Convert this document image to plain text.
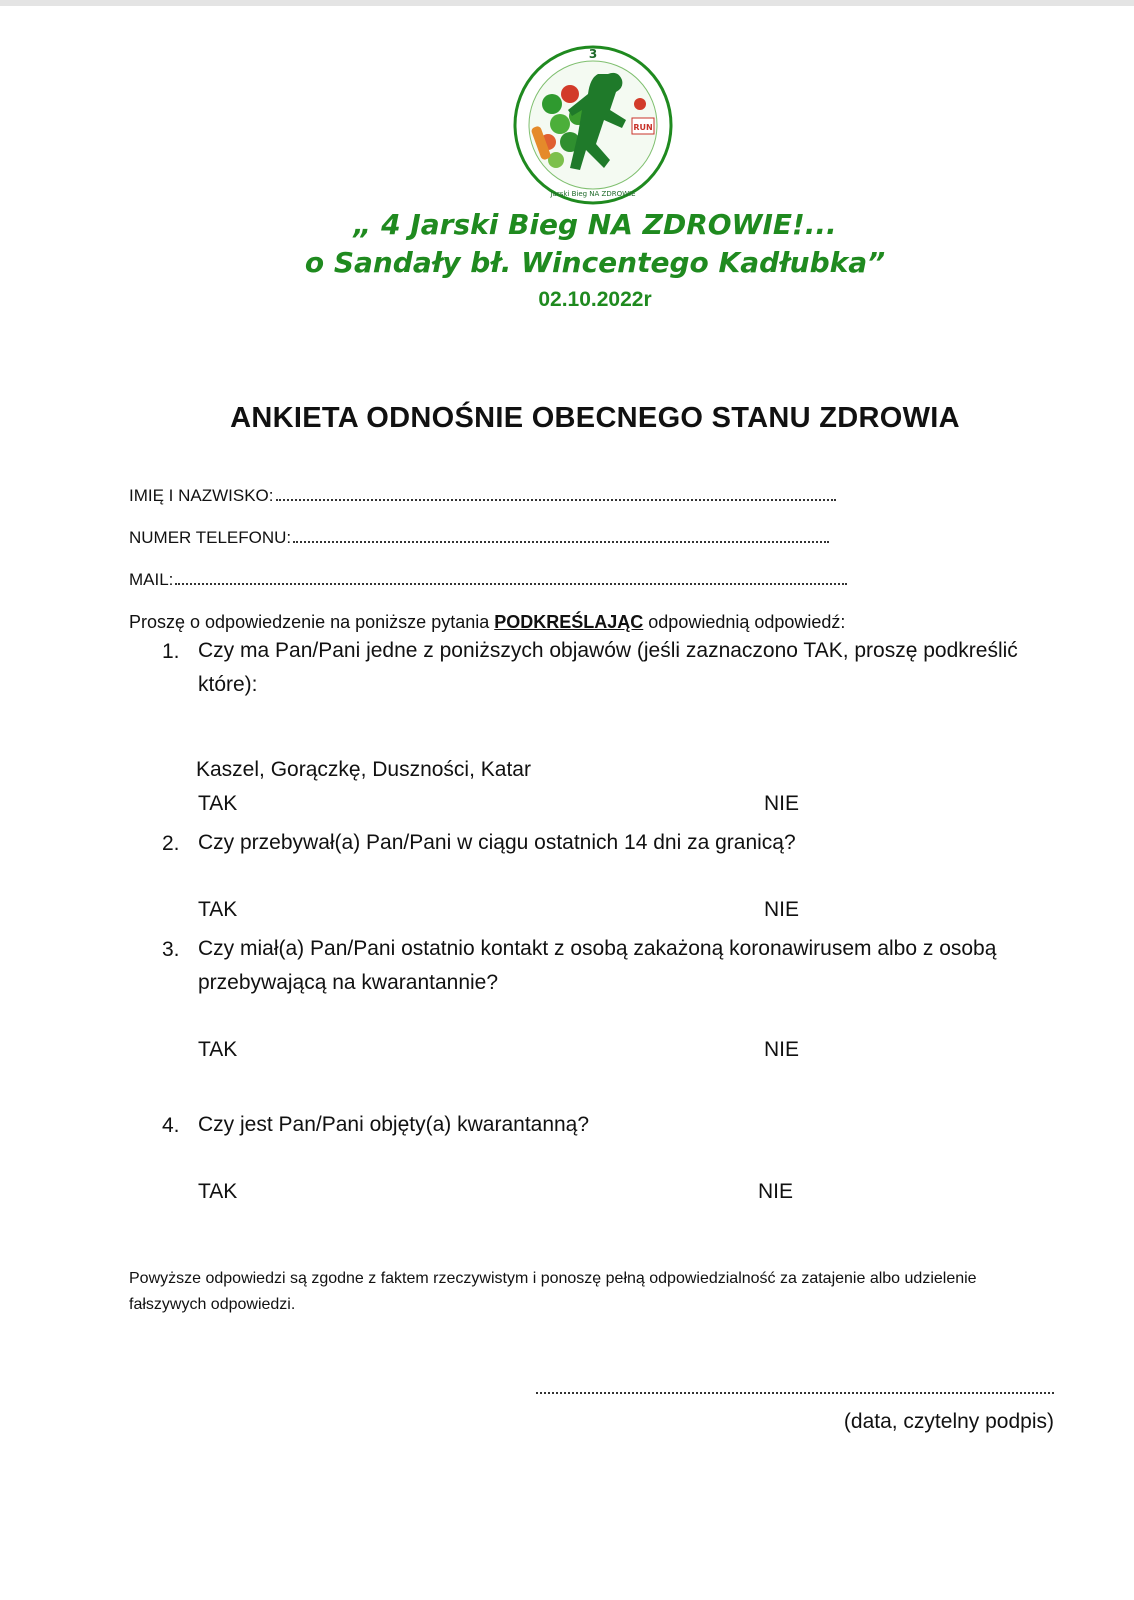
RUN
3
Jarski Bieg NA ZDROWIE
„ 4 Jarski Bieg NA ZDROWIE!...
o Sandały bł. Wincentego Kadłubka”
02.10.2022r
ANKIETA ODNOŚNIE OBECNEGO STANU ZDROWIA
IMIĘ I NAZWISKO:
NUMER TELEFONU:
MAIL:
Proszę o odpowiedzenie na poniższe pytania PODKREŚLAJĄC odpowiednią odpowiedź:
1. Czy ma Pan/Pani jedne z poniższych objawów (jeśli zaznaczono TAK, proszę podkreślić które):
Kaszel, Gorączkę, Duszności, Katar
TAK	NIE
2. Czy przebywał(a) Pan/Pani w ciągu ostatnich 14 dni za granicą?
TAK	NIE
3. Czy miał(a) Pan/Pani ostatnio kontakt z osobą zakażoną koronawirusem albo z osobą przebywającą na kwarantannie?
TAK	NIE
4. Czy jest Pan/Pani objęty(a) kwarantanną?
TAK	NIE
Powyższe odpowiedzi są zgodne z faktem rzeczywistym i ponoszę pełną odpowiedzialność za zatajenie albo udzielenie fałszywych odpowiedzi.
(data, czytelny podpis)
